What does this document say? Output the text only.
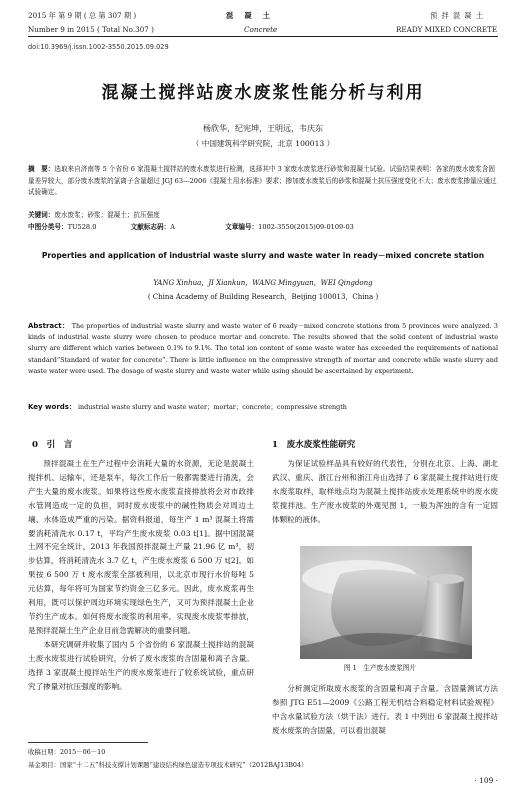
2015 年 第 9 期 ( 总 第 307 期 )
Number 9 in 2015 ( Total No.307 )
混　凝　土
Concrete
预 拌 混 凝 土
READY MIXED CONCRETE
doi:10.3969/j.issn.1002-3550.2015.09.029
混凝土搅拌站废水废浆性能分析与利用
杨欣华，纪宪坤，王明远，韦庆东
（ 中国建筑科学研究院，北京 100013 ）
摘　要：选取来自济南等 5 个省份 6 家混凝土搅拌站的废水废浆进行检测，选择其中 3 家废水废浆进行砂浆和混凝土试验。试验结果表明：各家的废水废浆含固量差异较大，部分废水废浆的氯离子含量超过 JGJ 63—2006《混凝土用水标准》要求；掺加废水废浆后的砂浆和混凝土抗压强度变化不大；废水废浆掺量应通过试验确定。
关键词：废水废浆；砂浆；混凝土；抗压强度
中图分类号：TU528.0	文献标志码：A	文章编号：1002-3550(2015)09-0109-03
Properties and application of industrial waste slurry and waste water in ready－mixed concrete station
YANG Xinhua，JI Xiankun，WANG Mingyuan，WEI Qingdong
( China Academy of Building Research，Beijing 100013，China )
Abstract： The properties of industrial waste slurry and waste water of 6 ready－mixed concrete stations from 5 provinces were analyzed. 3 kinds of industrial waste slurry were chosen to produce mortar and concrete. The results showed that the solid content of industrial waste slurry are different which varies between 0.1% to 9.1%. The total ion content of some waste water has exceeded the requirements of national standard“Standard of water for concrete”. There is little influence on the compressive strength of mortar and concrete while waste slurry and waste water were used. The dosage of waste slurry and waste water while using should be ascertained by experiment.
Key words： industrial waste slurry and waste water；mortar；concrete；compressive strength
0　引　言

预拌混凝土在生产过程中会消耗大量的水资源，无论是混凝土搅拌机、运输车，还是泵车，每次工作后一般都需要进行清洗，会产生大量的废水废浆。如果将这些废水废浆直接排放将会对市政排水管网造成一定的负担，同时废水废浆中的碱性物质会对周边土壤、水体造成严重的污染。据资料报道，每生产 1 m³ 混凝土将需要消耗清洗水 0.17 t，平均产生废水废浆 0.03 t[1]。据中国混凝土网不完全统计，2013 年我国预拌混凝土产量 21.96 亿 m³，初步估算，将消耗清洗水 3.7 亿 t，产生废水废浆 6 500 万 t[2]。如果按 6 500 万 t 废水废浆全部被利用，以北京市现行水价每吨 5 元估算，每年将可为国家节约资金三亿多元。因此，废水废浆再生利用，既可以保护周边环境实现绿色生产，又可为预拌混凝土企业节约生产成本。如何将废水废浆的利用率、实现废水废浆零排放，是预拌混凝土生产企业目前急需解决的重要问题。

本研究调研并收集了国内 5 个省份的 6 家混凝土搅拌站的混凝土废水废浆进行试验研究，分析了废水废浆的含固量和离子含量。选择 3 家混凝土搅拌站生产的废水废浆进行了较系统试验，重点研究了掺量对抗压强度的影响。

1　废水废浆性能研究

为保证试验样品具有较好的代表性，分别在北京、上海、湖北武汉、重庆、浙江台州和浙江舟山选择了 6 家混凝土搅拌站进行废水废浆取样，取样地点均为混凝土搅拌站废水处理系统中的废水废浆搅拌池。生产废水废浆的外观见图 1，一般为浑浊的含有一定固体颗粒的液体。

图 1　生产废水废浆图片

分析测定所取废水废浆的含固量和离子含量。含固量测试方法参照 JTG E51—2009《公路工程无机结合料稳定材料试验规程》中含水量试验方法（烘干法）进行。表 1 中列出 6 家混凝土搅拌站废水废浆的含固量，可以看出混凝

收稿日期：2015－06－10
基金项目：国家“十二五”科技支撑计划课题“建设结构绿色建造专项技术研究”（2012BAJ13B04）
· 109 ·
